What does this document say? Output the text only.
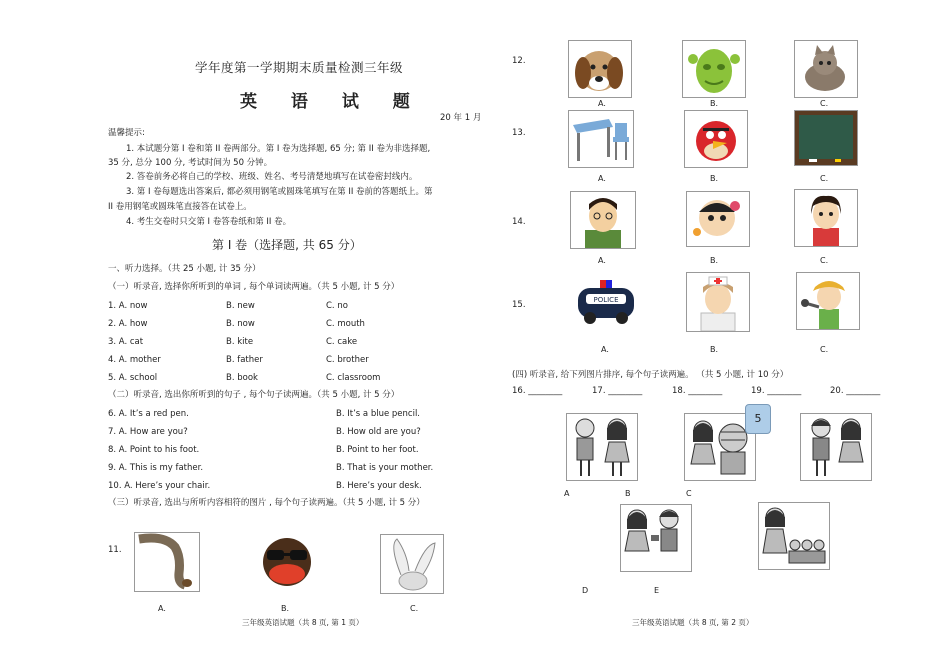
学年度第一学期期末质量检测三年级
英 语 试 题
20 年 1 月
温馨提示:
1. 本试题分第 I 卷和第 II 卷两部分。第 I 卷为选择题, 65 分; 第 II 卷为非选择题,
35 分, 总分 100 分, 考试时间为 50 分钟。
2. 答卷前务必将自己的学校、班级、姓名、考号清楚地填写在试卷密封线内。
3. 第 I 卷每题选出答案后, 都必须用钢笔或圆珠笔填写在第 II 卷前的答题纸上。第
II 卷用钢笔或圆珠笔直接答在试卷上。
4. 考生交卷时只交第 I 卷答卷纸和第 II 卷。
第 I 卷（选择题, 共 65 分）
一、听力选择。（共 25 小题, 计 35 分）
（一）听录音, 选择你所听到的单词 , 每个单词读两遍。（共 5 小题, 计 5 分）
1. A. now	B. new	C. no
2. A. how	B. now	C. mouth
3. A. cat	B. kite	C. cake
4. A. mother	B. father	C. brother
5. A. school	B. book	C. classroom
（二）听录音, 选出你所听到的句子 , 每个句子读两遍。（共 5 小题, 计 5 分）
6. A. It’s a red pen.	B. It’s a blue pencil.
7. A. How are you?	B. How old are you?
8. A. Point to his foot.	B. Point to her foot.
9. A. This is my father.	B. That is your mother.
10. A. Here’s your chair.	B. Here’s your desk.
（三）听录音, 选出与所听内容相符的图片 , 每个句子读两遍。（共 5 小题, 计 5 分）
11.
A.	B.	C.
三年级英语试题（共 8 页, 第 1 页）
12.
13.
14.
15.
A.	B.	C.
A.	B.	C.
A.	B.	C.
POLICE
A.	B.	C.
(四) 听录音, 给下列图片排序, 每个句子读两遍。 （共 5 小题, 计 10 分）
16. ________	17. ________	18. ________	19. ________	20. ________
5
A	B	C
D	E
三年级英语试题（共 8 页, 第 2 页）
